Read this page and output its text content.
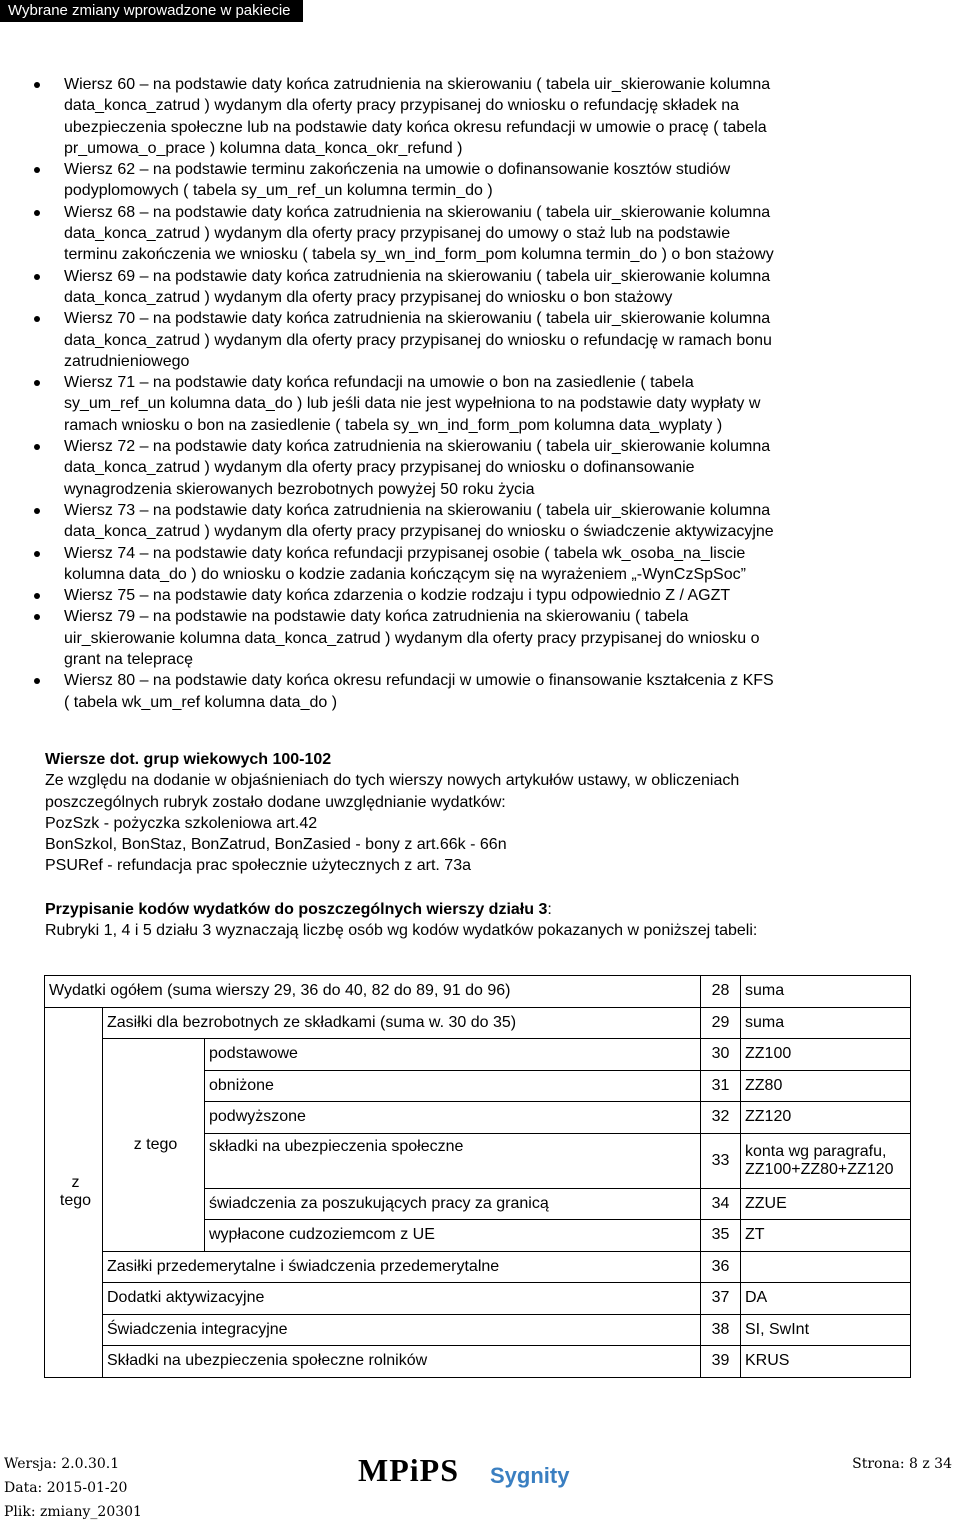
Wybrane zmiany wprowadzone w pakiecie
Wiersz 60 – na podstawie daty końca zatrudnienia na skierowaniu ( tabela uir_skierowanie kolumna
data_konca_zatrud ) wydanym dla oferty pracy przypisanej do wniosku o refundację składek na
ubezpieczenia społeczne lub na podstawie daty końca okresu refundacji w umowie o pracę ( tabela
pr_umowa_o_prace ) kolumna data_konca_okr_refund )
Wiersz 62 – na podstawie terminu zakończenia na umowie o dofinansowanie kosztów studiów
podyplomowych ( tabela sy_um_ref_un kolumna termin_do )
Wiersz 68 – na podstawie daty końca zatrudnienia na skierowaniu ( tabela uir_skierowanie kolumna
data_konca_zatrud ) wydanym dla oferty pracy przypisanej do umowy o staż lub na podstawie
terminu zakończenia we wniosku ( tabela sy_wn_ind_form_pom kolumna termin_do ) o bon stażowy
Wiersz 69 – na podstawie daty końca zatrudnienia na skierowaniu ( tabela uir_skierowanie kolumna
data_konca_zatrud ) wydanym dla oferty pracy przypisanej do wniosku o bon stażowy
Wiersz 70 – na podstawie daty końca zatrudnienia na skierowaniu ( tabela uir_skierowanie kolumna
data_konca_zatrud ) wydanym dla oferty pracy przypisanej do wniosku o refundację w ramach bonu
zatrudnieniowego
Wiersz 71 – na podstawie daty końca refundacji na umowie o bon na zasiedlenie ( tabela
sy_um_ref_un kolumna data_do ) lub jeśli data nie jest wypełniona to na podstawie daty wypłaty w
ramach wniosku o bon na zasiedlenie ( tabela sy_wn_ind_form_pom kolumna data_wyplaty )
Wiersz 72 – na podstawie daty końca zatrudnienia na skierowaniu ( tabela uir_skierowanie kolumna
data_konca_zatrud ) wydanym dla oferty pracy przypisanej do wniosku o dofinansowanie
wynagrodzenia skierowanych bezrobotnych powyżej 50 roku życia
Wiersz 73 – na podstawie daty końca zatrudnienia na skierowaniu ( tabela uir_skierowanie kolumna
data_konca_zatrud ) wydanym dla oferty pracy przypisanej do wniosku o świadczenie aktywizacyjne
Wiersz 74 – na podstawie daty końca refundacji przypisanej osobie ( tabela wk_osoba_na_liscie
kolumna data_do ) do wniosku o kodzie zadania kończącym się na wyrażeniem „-WynCzSpSoc”
Wiersz 75 – na podstawie daty końca zdarzenia o kodzie rodzaju i typu odpowiednio Z / AGZT
Wiersz 79 – na podstawie na podstawie daty końca zatrudnienia na skierowaniu ( tabela
uir_skierowanie kolumna data_konca_zatrud ) wydanym dla oferty pracy przypisanej do wniosku o
grant na telepracę
Wiersz 80 – na podstawie daty końca okresu refundacji w umowie o finansowanie kształcenia z KFS
( tabela wk_um_ref kolumna data_do )
Wiersze dot. grup wiekowych 100-102
Ze względu na dodanie w objaśnieniach do tych wierszy nowych artykułów ustawy, w obliczeniach
poszczególnych rubryk zostało dodane uwzględnianie wydatków:
PozSzk - pożyczka szkoleniowa art.42
BonSzkol, BonStaz, BonZatrud, BonZasied - bony z art.66k - 66n
PSURef - refundacja prac społecznie użytecznych z art. 73a
Przypisanie kodów wydatków do poszczególnych wierszy działu 3:
Rubryki 1, 4 i 5 działu 3 wyznaczają liczbę osób wg kodów wydatków pokazanych w poniższej tabeli:
Wydatki ogółem (suma wierszy 29, 36 do 40, 82 do 89, 91 do 96)			28	suma
z tego	Zasiłki dla bezrobotnych ze składkami (suma w. 30 do 35)		29	suma
	z tego	podstawowe	30	ZZ100
		obniżone	31	ZZ80
		podwyższone	32	ZZ120
		składki na ubezpieczenia społeczne	33	konta wg paragrafu,
ZZ100+ZZ80+ZZ120

		świadczenia za poszukujących pracy za granicą	34	ZZUE
		wypłacone cudzoziemcom z UE	35	ZT
	Zasiłki przedemerytalne i świadczenia przedemerytalne		36	
	Dodatki aktywizacyjne		37	DA
	Świadczenia integracyjne		38	SI, SwInt
	Składki na ubezpieczenia społeczne rolników		39	KRUS
Wersja: 2.0.30.1
Data: 2015-01-20
Plik: zmiany_20301
MPiPS Sygnity	Strona: 8 z 34
